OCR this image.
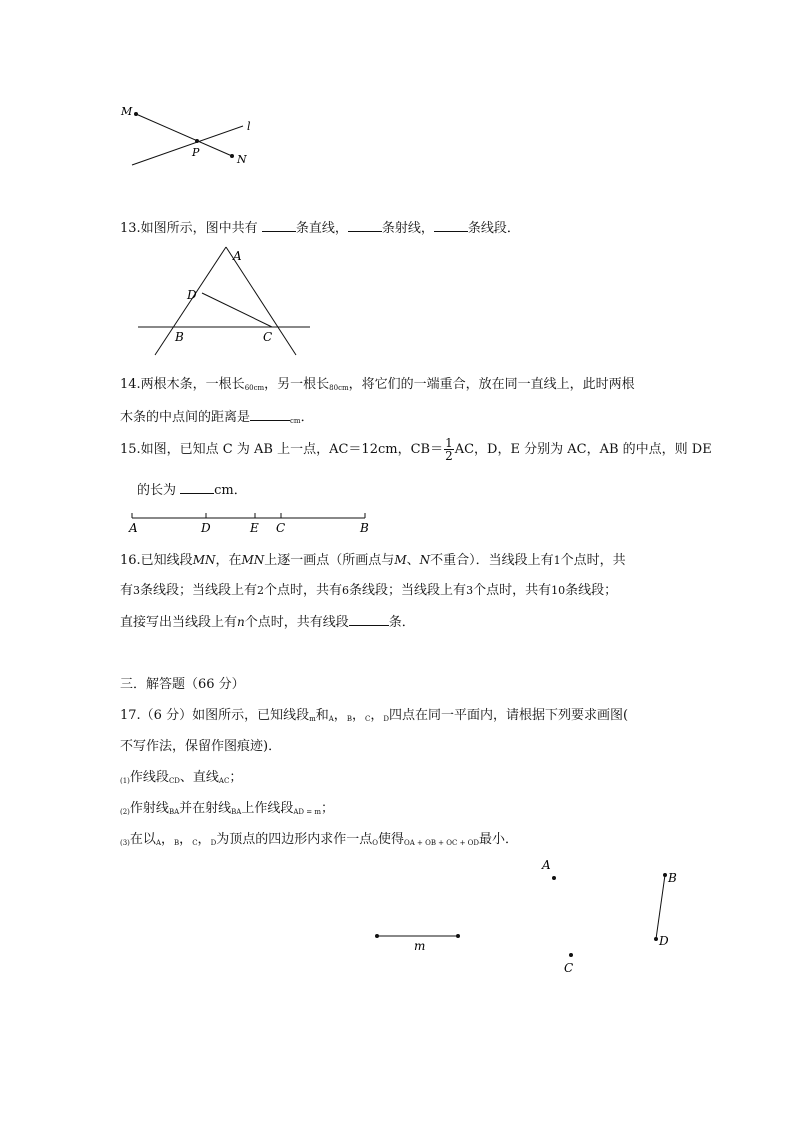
M
l
P
N
13.如图所示，图中共有	条直线，	条射线，	条线段．
A
D
B	C
14.两根木条，一根长$_{60cm}$，另一根长$_{80cm}$，将它们的一端重合，放在同一直线上，此时两根
木条的中点间的距离是	$_{cm}$．
15.如图，已知点 C 为 AB 上一点，AC＝12cm，$CB= \frac{1}{2}$ AC，D，E 分别为 AC，AB 的中点，则 DE
的长为	cm．
A	D	E C	B
16.已知线段MN，在MN上逐一画点（所画点与M、N不重合）．当线段上有1个点时，共
有3条线段；当线段上有2个点时，共有6条线段；当线段上有3个点时，共有10条线段；
直接写出当线段上有n个点时，共有线段	条．
三．解答题（66 分）
17.（6 分）如图所示，已知线段$_m$和$_A$，$_B$，$_C$，$_D$四点在同一平面内，请根据下列要求画图(
不写作法，保留作图痕迹)．
$_{(1)}$作线段$_{CD}$、直线$_{AC}$；
$_{(2)}$作射线$_{BA}$并在射线$_{BA}$上作线段$_{AD = m}$；
$_{(3)}$在以$_A$，$_B$，$_C$，$_D$为顶点的四边形内求作一点$_O$使得$_{OA + OB + OC + OD}$最小．
m
A
B
D
C
